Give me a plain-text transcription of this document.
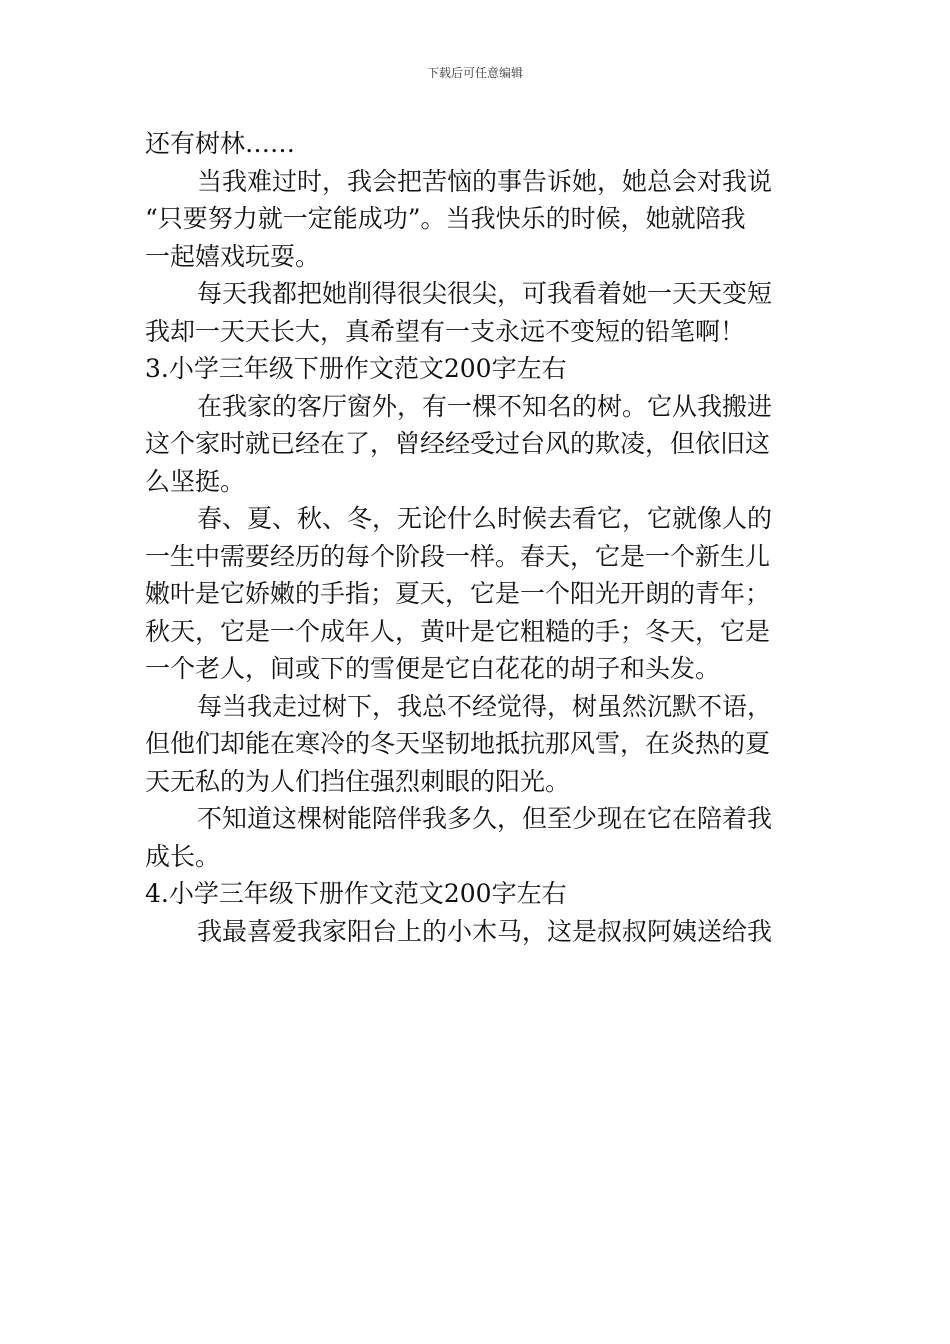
下载后可任意编辑
还有树林……
当我难过时，我会把苦恼的事告诉她，她总会对我说
“只要努力就一定能成功”。当我快乐的时候，她就陪我
一起嬉戏玩耍。
每天我都把她削得很尖很尖，可我看着她一天天变短
我却一天天长大，真希望有一支永远不变短的铅笔啊！
3.小学三年级下册作文范文200字左右
在我家的客厅窗外，有一棵不知名的树。它从我搬进
这个家时就已经在了，曾经经受过台风的欺凌，但依旧这
么坚挺。
春、夏、秋、冬，无论什么时候去看它，它就像人的
一生中需要经历的每个阶段一样。春天，它是一个新生儿
嫩叶是它娇嫩的手指；夏天，它是一个阳光开朗的青年；
秋天，它是一个成年人，黄叶是它粗糙的手；冬天，它是
一个老人，间或下的雪便是它白花花的胡子和头发。
每当我走过树下，我总不经觉得，树虽然沉默不语，
但他们却能在寒冷的冬天坚韧地抵抗那风雪，在炎热的夏
天无私的为人们挡住强烈刺眼的阳光。
不知道这棵树能陪伴我多久，但至少现在它在陪着我
成长。
4.小学三年级下册作文范文200字左右
我最喜爱我家阳台上的小木马，这是叔叔阿姨送给我
